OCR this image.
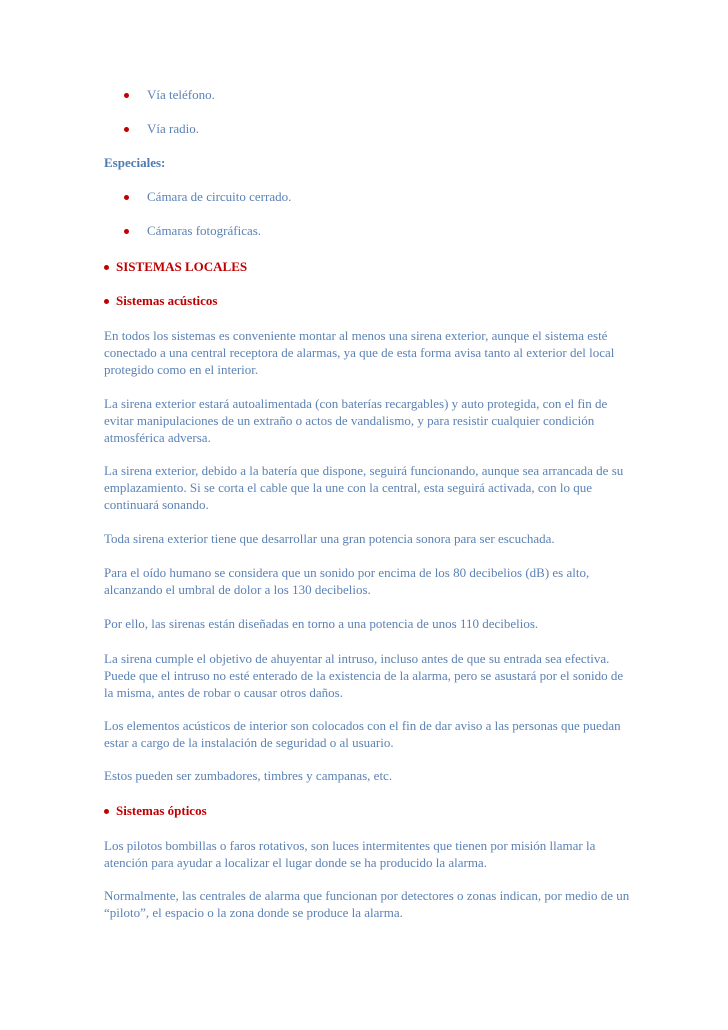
Vía teléfono.
Vía radio.
Especiales:
Cámara de circuito cerrado.
Cámaras fotográficas.
SISTEMAS LOCALES
Sistemas acústicos

En todos los sistemas es conveniente montar al menos una sirena exterior, aunque el sistema esté conectado a una central receptora de alarmas, ya que de esta forma avisa tanto al exterior del local protegido como en el interior.

La sirena exterior estará autoalimentada (con baterías recargables) y auto protegida, con el fin de evitar manipulaciones de un extraño o actos de vandalismo, y para resistir cualquier condición atmosférica adversa.

La sirena exterior, debido a la batería que dispone, seguirá funcionando, aunque sea arrancada de su emplazamiento. Si se corta el cable que la une con la central, esta seguirá activada, con lo que continuará sonando.

Toda sirena exterior tiene que desarrollar una gran potencia sonora para ser escuchada.

Para el oído humano se considera que un sonido por encima de los 80 decibelios (dB) es alto, alcanzando el umbral de dolor a los 130 decibelios.

Por ello, las sirenas están diseñadas en torno a una potencia de unos 110 decibelios.

La sirena cumple el objetivo de ahuyentar al intruso, incluso antes de que su entrada sea efectiva. Puede que el intruso no esté enterado de la existencia de la alarma, pero se asustará por el sonido de la misma, antes de robar o causar otros daños.

Los elementos acústicos de interior son colocados con el fin de dar aviso a las personas que puedan estar a cargo de la instalación de seguridad o al usuario.

Estos pueden ser zumbadores, timbres y campanas, etc.

Sistemas ópticos

Los pilotos bombillas o faros rotativos, son luces intermitentes que tienen por misión llamar la atención para ayudar a localizar el lugar donde se ha producido la alarma.

Normalmente, las centrales de alarma que funcionan por detectores o zonas indican, por medio de un “piloto”, el espacio o la zona donde se produce la alarma.
